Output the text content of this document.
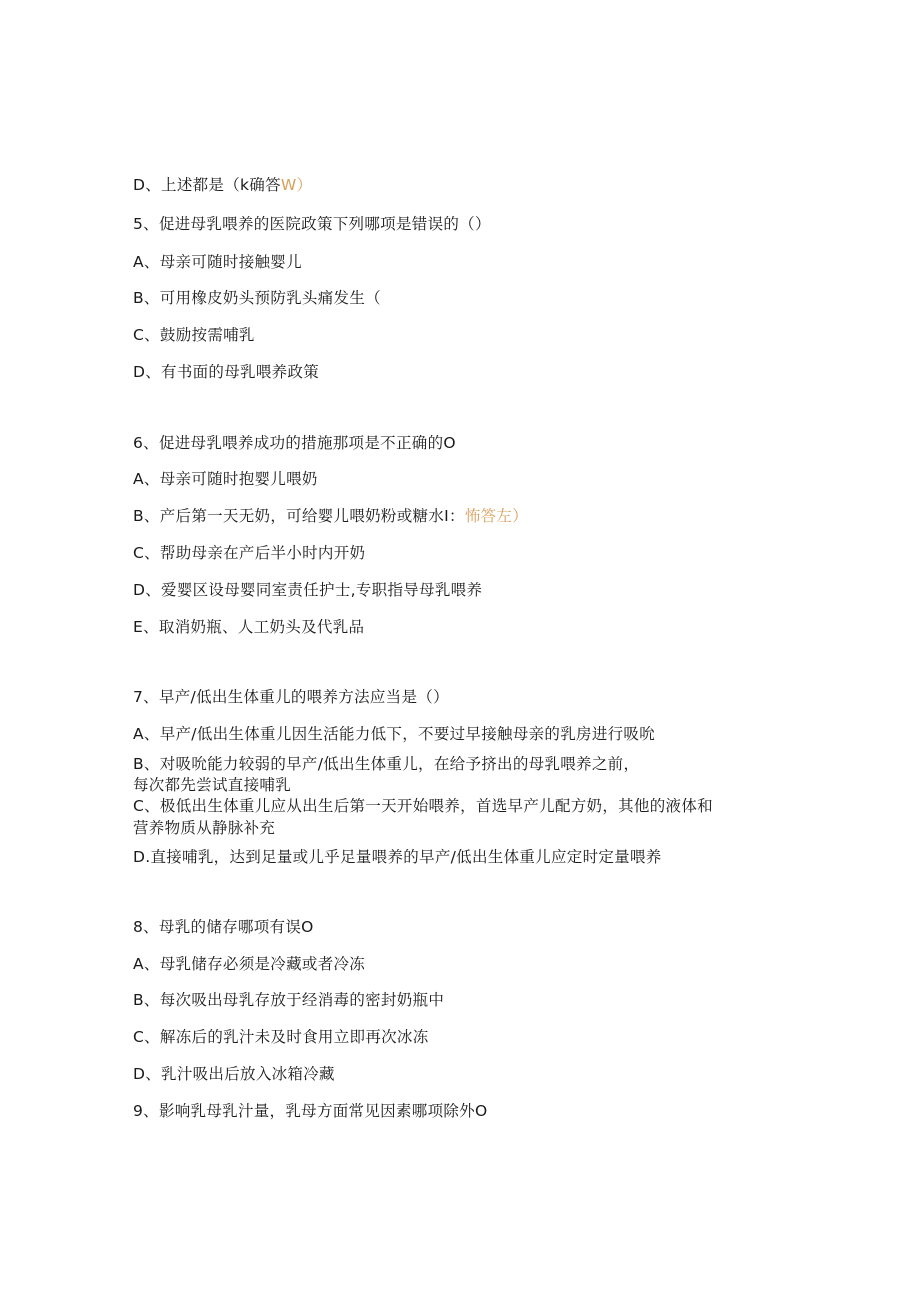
D、上述都是（k确答W）
5、促进母乳喂养的医院政策下列哪项是错误的（）
A、母亲可随时接触婴儿
B、可用橡皮奶头预防乳头痛发生（
C、鼓励按需哺乳
D、有书面的母乳喂养政策
6、促进母乳喂养成功的措施那项是不正确的O
A、母亲可随时抱婴儿喂奶
B、产后第一天无奶，可给婴儿喂奶粉或糖水I：怖答左）
C、帮助母亲在产后半小时内开奶
D、爱婴区设母婴同室责任护士,专职指导母乳喂养
E、取消奶瓶、人工奶头及代乳品
7、早产/低出生体重儿的喂养方法应当是（）
A、早产/低出生体重儿因生活能力低下，不要过早接触母亲的乳房进行吸吮
B、对吸吮能力较弱的早产/低出生体重儿，在给予挤出的母乳喂养之前，
每次都先尝试直接哺乳
C、极低出生体重儿应从出生后第一天开始喂养，首选早产儿配方奶，其他的液体和
营养物质从静脉补充
D.直接哺乳，达到足量或儿乎足量喂养的早产/低出生体重儿应定时定量喂养
8、母乳的储存哪项有误O
A、母乳储存必须是冷藏或者冷冻
B、每次吸出母乳存放于经消毒的密封奶瓶中
C、解冻后的乳汁未及时食用立即再次冰冻
D、乳汁吸出后放入冰箱冷藏
9、影响乳母乳汁量，乳母方面常见因素哪项除外O
